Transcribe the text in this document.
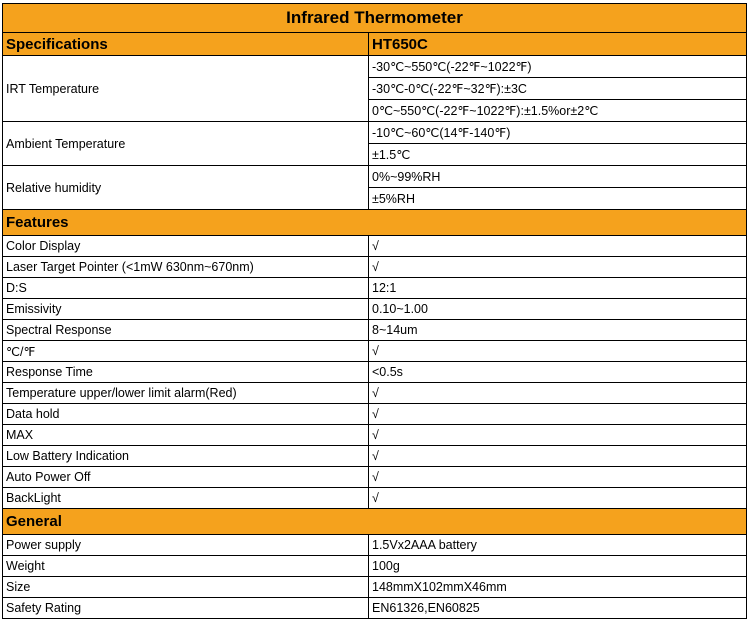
Infrared Thermometer	
Specifications	HT650C
IRT Temperature	-30℃~550℃(-22℉~1022℉)
	-30℃-0℃(-22℉~32℉):±3C
	0℃~550℃(-22℉~1022℉):±1.5%or±2℃
Ambient Temperature	-10℃~60℃(14℉-140℉)
	±1.5℃
Relative humidity	0%~99%RH
	±5%RH
Features	
Color Display	√
Laser Target Pointer (<1mW 630nm~670nm)	√
D:S	12:1
Emissivity	0.10~1.00
Spectral Response	8~14um
℃/℉	√
Response Time	<0.5s
Temperature upper/lower limit alarm(Red)	√
Data hold	√
MAX	√
Low Battery Indication	√
Auto Power Off	√
BackLight	√
General	
Power supply	1.5Vx2AAA battery
Weight	100g
Size	148mmX102mmX46mm
Safety Rating	EN61326,EN60825
